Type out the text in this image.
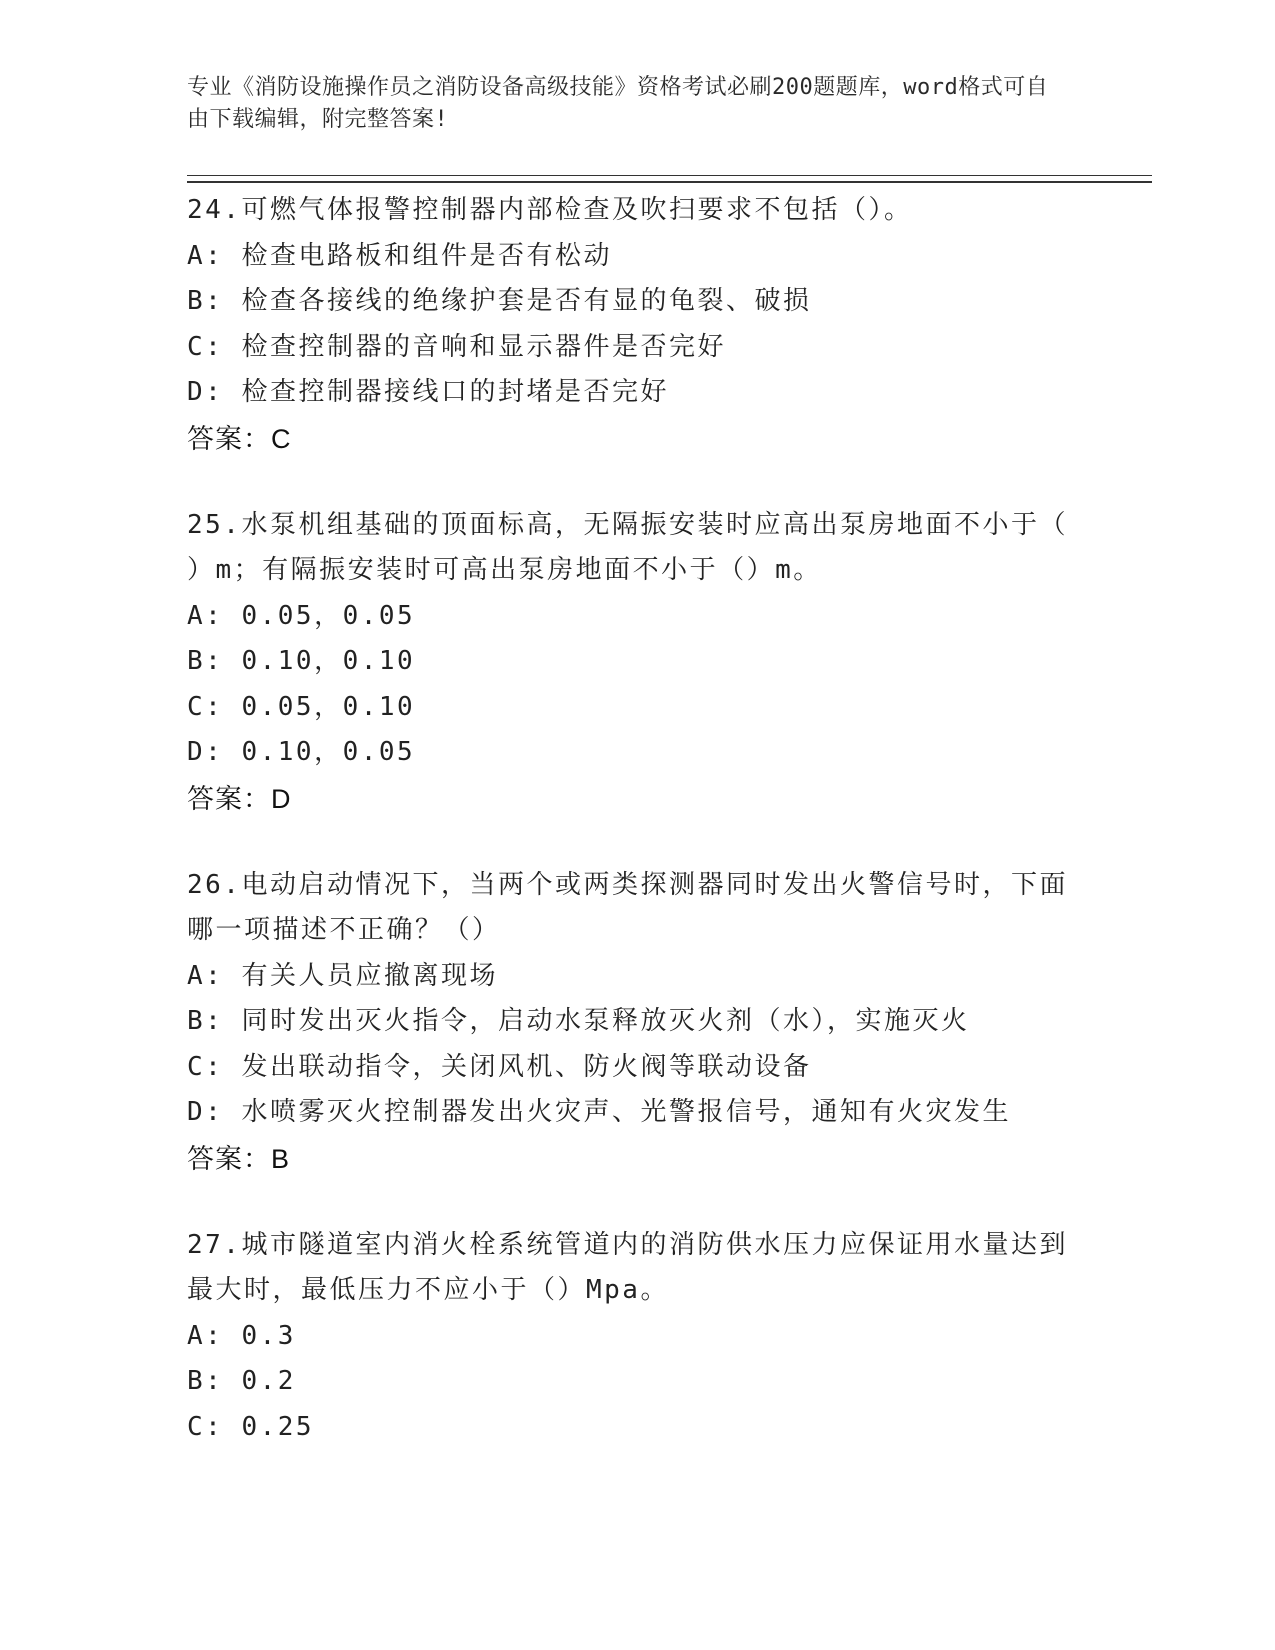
专业《消防设施操作员之消防设备高级技能》资格考试必刷200题题库，word格式可自由下载编辑，附完整答案!
24.可燃气体报警控制器内部检查及吹扫要求不包括（）。
A: 检查电路板和组件是否有松动
B: 检查各接线的绝缘护套是否有显的龟裂、破损
C: 检查控制器的音响和显示器件是否完好
D: 检查控制器接线口的封堵是否完好
答案：C
25.水泵机组基础的顶面标高，无隔振安装时应高出泵房地面不小于（
）m；有隔振安装时可高出泵房地面不小于（）m。
A: 0.05，0.05
B: 0.10，0.10
C: 0.05，0.10
D: 0.10，0.05
答案：D
26.电动启动情况下，当两个或两类探测器同时发出火警信号时，下面
哪一项描述不正确？（）
A: 有关人员应撤离现场
B: 同时发出灭火指令，启动水泵释放灭火剂（水），实施灭火
C: 发出联动指令，关闭风机、防火阀等联动设备
D: 水喷雾灭火控制器发出火灾声、光警报信号，通知有火灾发生
答案：B
27.城市隧道室内消火栓系统管道内的消防供水压力应保证用水量达到
最大时，最低压力不应小于（）Mpa。
A: 0.3
B: 0.2
C: 0.25
